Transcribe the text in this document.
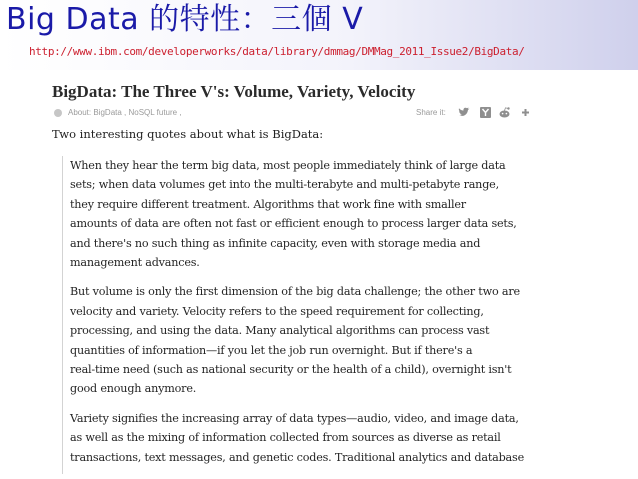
Big Data 的特性：三個 V
http://www.ibm.com/developerworks/data/library/dmmag/DMMag_2011_Issue2/BigData/
BigData: The Three V's: Volume, Variety, Velocity
About: BigData , NoSQL future ,	Share it:
Two interesting quotes about what is BigData:
When they hear the term big data, most people immediately think of large data
sets; when data volumes get into the multi-terabyte and multi-petabyte range,
they require different treatment. Algorithms that work fine with smaller
amounts of data are often not fast or efficient enough to process larger data sets,
and there's no such thing as infinite capacity, even with storage media and
management advances.
But volume is only the first dimension of the big data challenge; the other two are
velocity and variety. Velocity refers to the speed requirement for collecting,
processing, and using the data. Many analytical algorithms can process vast
quantities of information—if you let the job run overnight. But if there's a
real-time need (such as national security or the health of a child), overnight isn't
good enough anymore.
Variety signifies the increasing array of data types—audio, video, and image data,
as well as the mixing of information collected from sources as diverse as retail
transactions, text messages, and genetic codes. Traditional analytics and database
